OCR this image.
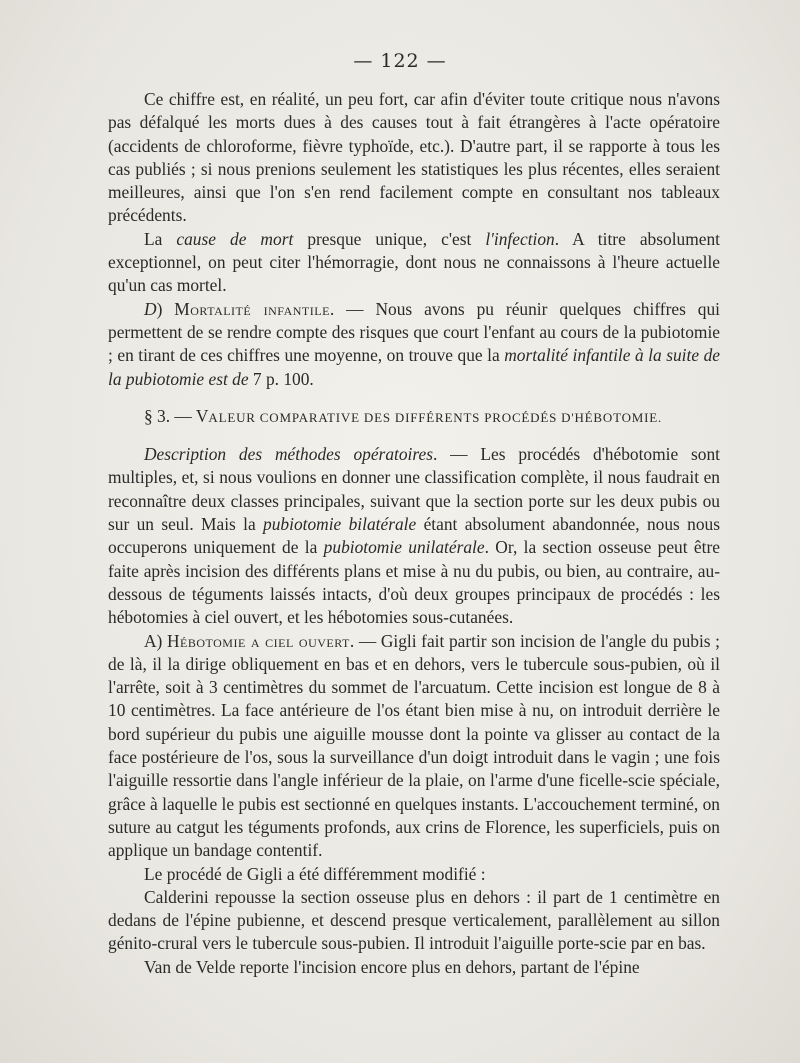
— 122 —

Ce chiffre est, en réalité, un peu fort, car afin d'éviter toute critique nous n'avons pas défalqué les morts dues à des causes tout à fait étrangères à l'acte opératoire (accidents de chloroforme, fièvre typhoïde, etc.). D'autre part, il se rapporte à tous les cas publiés ; si nous prenions seulement les statistiques les plus récentes, elles seraient meilleures, ainsi que l'on s'en rend facilement compte en consultant nos tableaux précédents.

La cause de mort presque unique, c'est l'infection. A titre absolument exceptionnel, on peut citer l'hémorragie, dont nous ne connaissons à l'heure actuelle qu'un cas mortel.

D) Mortalité infantile. — Nous avons pu réunir quelques chiffres qui permettent de se rendre compte des risques que court l'enfant au cours de la pubiotomie ; en tirant de ces chiffres une moyenne, on trouve que la mortalité infantile à la suite de la pubiotomie est de 7 p. 100.

§ 3. — VALEUR COMPARATIVE DES DIFFÉRENTS PROCÉDÉS D'HÉBOTOMIE.

Description des méthodes opératoires. — Les procédés d'hébotomie sont multiples, et, si nous voulions en donner une classification complète, il nous faudrait en reconnaître deux classes principales, suivant que la section porte sur les deux pubis ou sur un seul. Mais la pubiotomie bilatérale étant absolument abandonnée, nous nous occuperons uniquement de la pubiotomie unilatérale. Or, la section osseuse peut être faite après incision des différents plans et mise à nu du pubis, ou bien, au contraire, au-dessous de téguments laissés intacts, d'où deux groupes principaux de procédés : les hébotomies à ciel ouvert, et les hébotomies sous-cutanées.

A) Hébotomie a ciel ouvert. — Gigli fait partir son incision de l'angle du pubis ; de là, il la dirige obliquement en bas et en dehors, vers le tubercule sous-pubien, où il l'arrête, soit à 3 centimètres du sommet de l'arcuatum. Cette incision est longue de 8 à 10 centimètres. La face antérieure de l'os étant bien mise à nu, on introduit derrière le bord supérieur du pubis une aiguille mousse dont la pointe va glisser au contact de la face postérieure de l'os, sous la surveillance d'un doigt introduit dans le vagin ; une fois l'aiguille ressortie dans l'angle inférieur de la plaie, on l'arme d'une ficelle-scie spéciale, grâce à laquelle le pubis est sectionné en quelques instants. L'accouchement terminé, on suture au catgut les téguments profonds, aux crins de Florence, les superficiels, puis on applique un bandage contentif.

Le procédé de Gigli a été différemment modifié :

Calderini repousse la section osseuse plus en dehors : il part de 1 centimètre en dedans de l'épine pubienne, et descend presque verticalement, parallèlement au sillon génito-crural vers le tubercule sous-pubien. Il introduit l'aiguille porte-scie par en bas.

Van de Velde reporte l'incision encore plus en dehors, partant de l'épine
